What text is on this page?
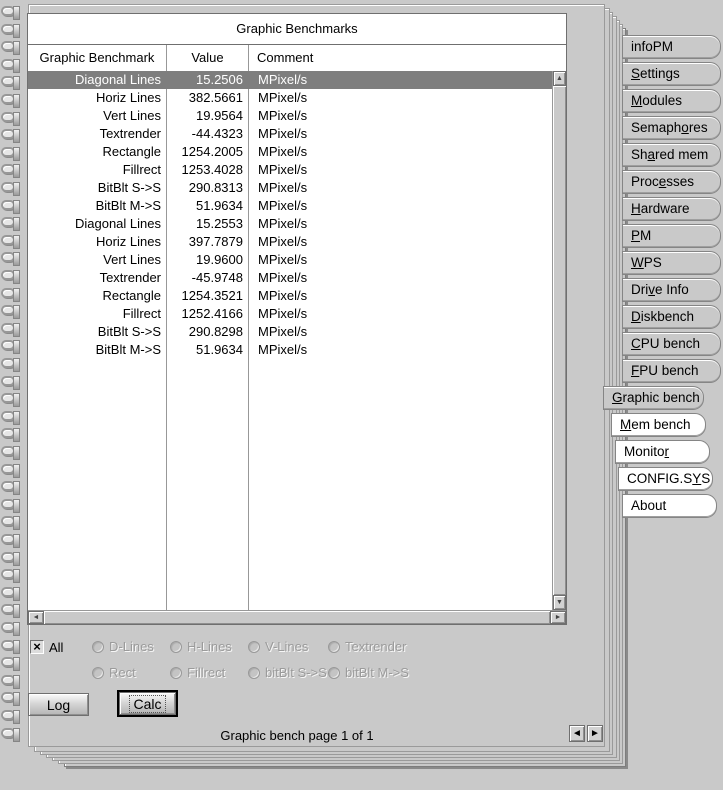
infoPM
Settings
Modules
Semaphores
Shared mem
Processes
Hardware
PM
WPS
Drive Info
Diskbench
CPU bench
FPU bench
Graphic bench
Mem bench
Monitor
CONFIG.SYS
About
Graphic Benchmarks
Graphic Benchmark	Value	Comment
Diagonal Lines	15.2506	MPixel/s
Horiz Lines	382.5661	MPixel/s
Vert Lines	19.9564	MPixel/s
Textrender	-44.4323	MPixel/s
Rectangle	1254.2005	MPixel/s
Fillrect	1253.4028	MPixel/s
BitBlt S->S	290.8313	MPixel/s
BitBlt M->S	51.9634	MPixel/s
Diagonal Lines	15.2553	MPixel/s
Horiz Lines	397.7879	MPixel/s
Vert Lines	19.9600	MPixel/s
Textrender	-45.9748	MPixel/s
Rectangle	1254.3521	MPixel/s
Fillrect	1252.4166	MPixel/s
BitBlt S->S	290.8298	MPixel/s
BitBlt M->S	51.9634	MPixel/s
▲
▼
◄	►
× All	D-Lines	H-Lines	V-Lines	Textrender
Rect	Fillrect	bitBlt S->S bitBlt M->S
Log	Calc
Graphic bench page 1 of 1	◄ ►
